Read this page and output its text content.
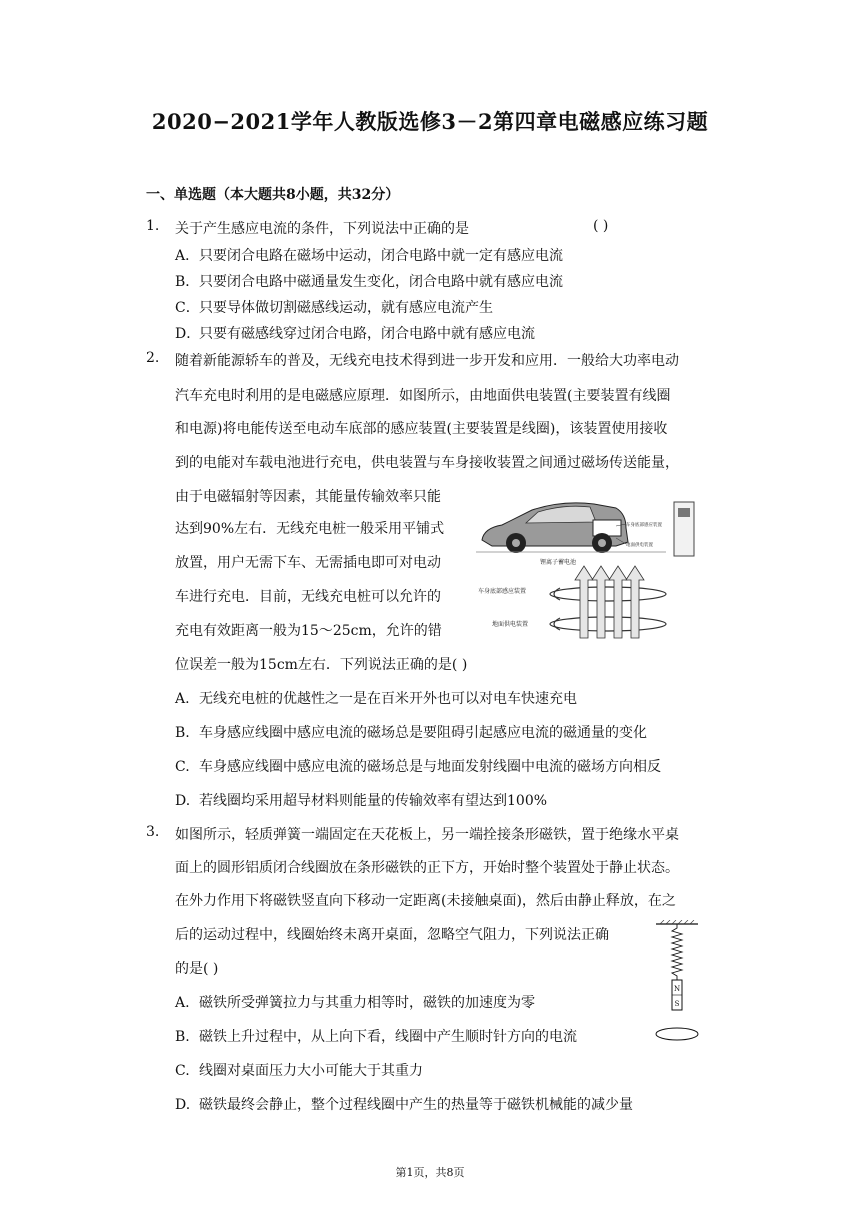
2020−2021学年人教版选修3－2第四章电磁感应练习题
一、单选题（本大题共8小题，共32分）
1. 关于产生感应电流的条件，下列说法中正确的是	( )
A．只要闭合电路在磁场中运动，闭合电路中就一定有感应电流
B．只要闭合电路中磁通量发生变化，闭合电路中就有感应电流
C．只要导体做切割磁感线运动，就有感应电流产生
D．只要有磁感线穿过闭合电路，闭合电路中就有感应电流
2. 随着新能源轿车的普及，无线充电技术得到进一步开发和应用．一般给大功率电动
汽车充电时利用的是电磁感应原理．如图所示，由地面供电装置(主要装置有线圈
和电源)将电能传送至电动车底部的感应装置(主要装置是线圈)，该装置使用接收
到的电能对车载电池进行充电，供电装置与车身接收装置之间通过磁场传送能量，
由于电磁辐射等因素，其能量传输效率只能
达到90%左右．无线充电桩一般采用平铺式
放置，用户无需下车、无需插电即可对电动
车进行充电．目前，无线充电桩可以允许的
充电有效距离一般为15～25cm，允许的错
位误差一般为15cm左右．下列说法正确的是( )
车身底部感应装置
地面供电装置
锂离子蓄电池
车身底部感应装置
地面供电装置
A. 无线充电桩的优越性之一是在百米开外也可以对电车快速充电
B. 车身感应线圈中感应电流的磁场总是要阻碍引起感应电流的磁通量的变化
C. 车身感应线圈中感应电流的磁场总是与地面发射线圈中电流的磁场方向相反
D. 若线圈均采用超导材料则能量的传输效率有望达到100%
3. 如图所示，轻质弹簧一端固定在天花板上，另一端拴接条形磁铁，置于绝缘水平桌
面上的圆形铝质闭合线圈放在条形磁铁的正下方，开始时整个装置处于静止状态。
在外力作用下将磁铁竖直向下移动一定距离(未接触桌面)，然后由静止释放，在之
后的运动过程中，线圈始终未离开桌面，忽略空气阻力，下列说法正确
的是( )
N
S
A. 磁铁所受弹簧拉力与其重力相等时，磁铁的加速度为零
B. 磁铁上升过程中，从上向下看，线圈中产生顺时针方向的电流
C. 线圈对桌面压力大小可能大于其重力
D. 磁铁最终会静止，整个过程线圈中产生的热量等于磁铁机械能的减少量
第1页，共8页
